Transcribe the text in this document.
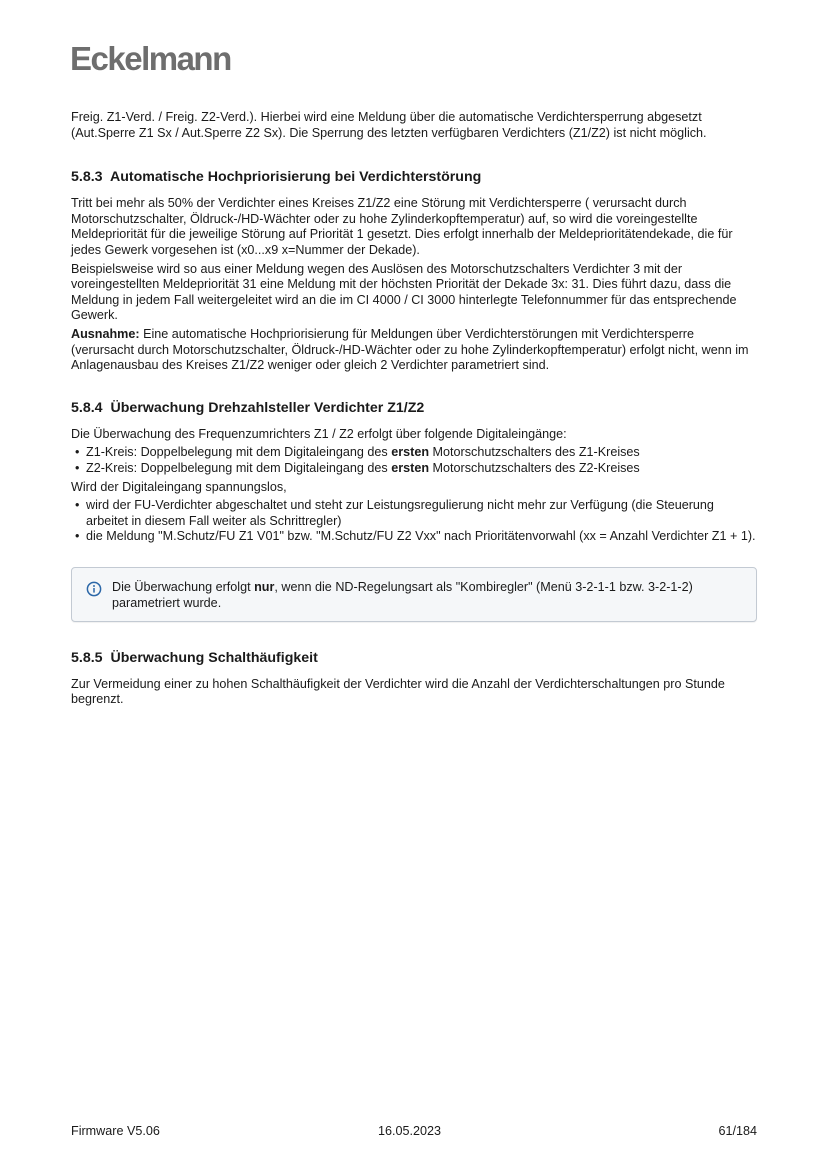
Eckelmann

Freig. Z1-Verd. / Freig. Z2-Verd.). Hierbei wird eine Meldung über die automatische Verdichtersperrung abgesetzt (Aut.Sperre Z1 Sx / Aut.Sperre Z2 Sx). Die Sperrung des letzten verfügbaren Verdichters (Z1/Z2) ist nicht möglich.

5.8.3 Automatische Hochpriorisierung bei Verdichterstörung

Tritt bei mehr als 50% der Verdichter eines Kreises Z1/Z2 eine Störung mit Verdichtersperre ( verursacht durch Motorschutzschalter, Öldruck-/HD-Wächter oder zu hohe Zylinderkopftemperatur) auf, so wird die voreingestellte Meldepriorität für die jeweilige Störung auf Priorität 1 gesetzt. Dies erfolgt innerhalb der Meldeprioritätendekade, die für jedes Gewerk vorgesehen ist (x0...x9 x=Nummer der Dekade).

Beispielsweise wird so aus einer Meldung wegen des Auslösen des Motorschutzschalters Verdichter 3 mit der voreingestellten Meldepriorität 31 eine Meldung mit der höchsten Priorität der Dekade 3x: 31. Dies führt dazu, dass die Meldung in jedem Fall weitergeleitet wird an die im CI 4000 / CI 3000 hinterlegte Telefonnummer für das entsprechende Gewerk.

Ausnahme: Eine automatische Hochpriorisierung für Meldungen über Verdichterstörungen mit Verdichtersperre (verursacht durch Motorschutzschalter, Öldruck-/HD-Wächter oder zu hohe Zylinderkopftemperatur) erfolgt nicht, wenn im Anlagenausbau des Kreises Z1/Z2 weniger oder gleich 2 Verdichter parametriert sind.

5.8.4 Überwachung Drehzahlsteller Verdichter Z1/Z2

Die Überwachung des Frequenzumrichters Z1 / Z2 erfolgt über folgende Digitaleingänge:

• Z1-Kreis: Doppelbelegung mit dem Digitaleingang des ersten Motorschutzschalters des Z1-Kreises
• Z2-Kreis: Doppelbelegung mit dem Digitaleingang des ersten Motorschutzschalters des Z2-Kreises

Wird der Digitaleingang spannungslos,

• wird der FU-Verdichter abgeschaltet und steht zur Leistungsregulierung nicht mehr zur Verfügung (die Steuerung arbeitet in diesem Fall weiter als Schrittregler)
• die Meldung "M.Schutz/FU Z1 V01" bzw. "M.Schutz/FU Z2 Vxx" nach Prioritätenvorwahl (xx = Anzahl Verdichter Z1 + 1).
Die Überwachung erfolgt nur, wenn die ND-Regelungsart als "Kombiregler" (Menü 3-2-1-1 bzw. 3-2-1-2) parametriert wurde.
5.8.5 Überwachung Schalthäufigkeit

Zur Vermeidung einer zu hohen Schalthäufigkeit der Verdichter wird die Anzahl der Verdichterschaltungen pro Stunde begrenzt.

Firmware V5.06	16.05.2023	61/184
